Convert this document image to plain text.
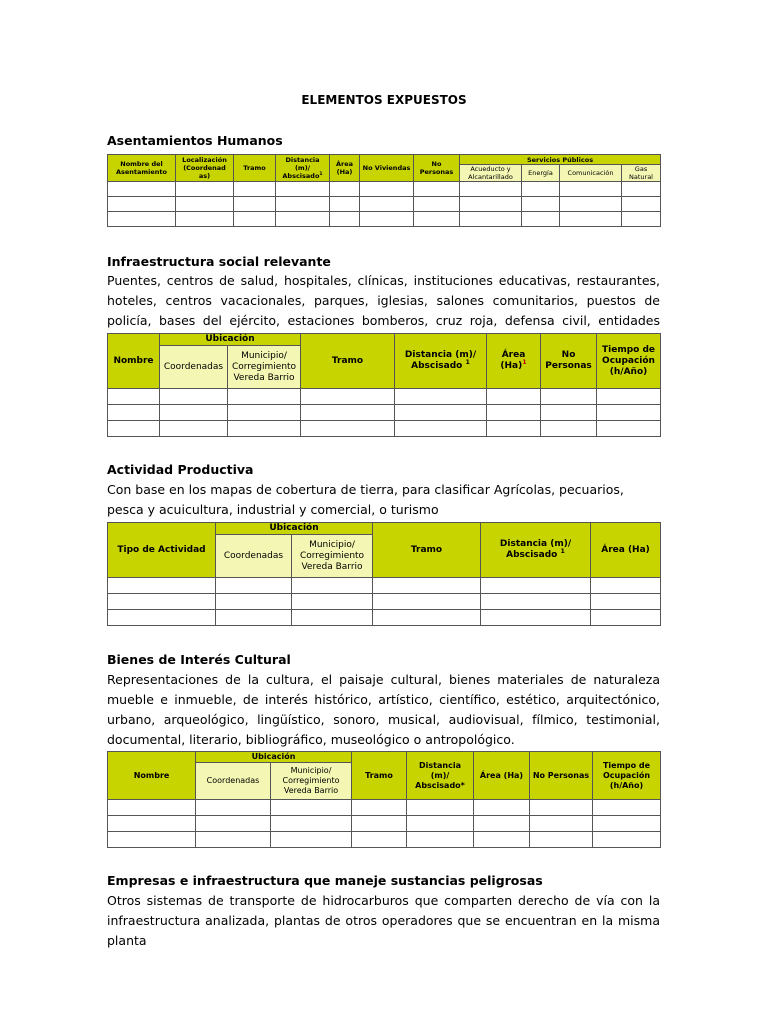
ELEMENTOS EXPUESTOS
Asentamientos Humanos
Nombre del Asentamiento	Localización (Coordenad as)	Tramo	Distancia (m)/ Abscisado$^1$	Área (Ha)	No Viviendas	No Personas	Servicios Públicos			
							Acueducto y Alcantarillado	Energía	Comunicación	Gas Natural

Infraestructura social relevante
Puentes, centros de salud, hospitales, clínicas, instituciones educativas, restaurantes, hoteles, centros vacacionales, parques, iglesias, salones comunitarios, puestos de policía, bases del ejército, estaciones bomberos, cruz roja, defensa civil, entidades
Nombre	Ubicación		Tramo	Distancia (m)/ Abscisado $^1$	Área $(Ha)^1$	No Personas	Tiempo de Ocupación (h/Año)
	Coordenadas	Municipio/ Corregimiento Vereda Barrio					

Actividad Productiva
Con base en los mapas de cobertura de tierra, para clasificar Agrícolas, pecuarios, pesca y acuicultura, industrial y comercial, o turismo
Tipo de Actividad	Ubicación		Tramo	Distancia (m)/ Abscisado $^1$	Área (Ha)
	Coordenadas	Municipio/ Corregimiento Vereda Barrio			

Bienes de Interés Cultural
Representaciones de la cultura, el paisaje cultural, bienes materiales de naturaleza mueble e inmueble, de interés histórico, artístico, científico, estético, arquitectónico, urbano, arqueológico, lingüístico, sonoro, musical, audiovisual, fílmico, testimonial, documental, literario, bibliográfico, museológico o antropológico.
Nombre	Ubicación		Tramo	Distancia (m)/ Abscisado*	Área (Ha)	No Personas	Tiempo de Ocupación (h/Año)
	Coordenadas	Municipio/ Corregimiento Vereda Barrio					

Empresas e infraestructura que maneje sustancias peligrosas
Otros sistemas de transporte de hidrocarburos que comparten derecho de vía con la infraestructura analizada, plantas de otros operadores que se encuentran en la misma planta
